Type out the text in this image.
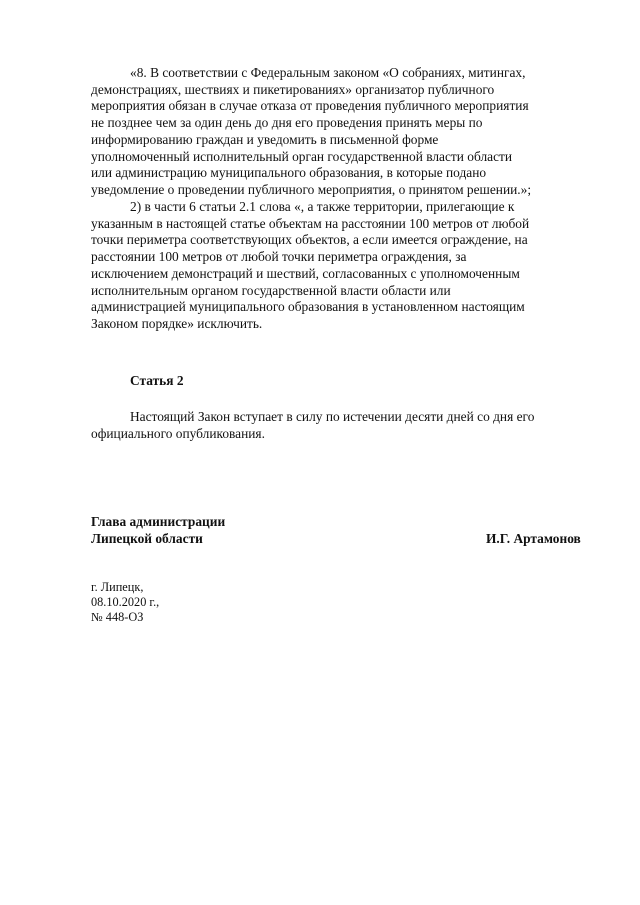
«8. В соответствии с Федеральным законом «О собраниях, митингах,
демонстрациях, шествиях и пикетированиях» организатор публичного
мероприятия обязан в случае отказа от проведения публичного мероприятия
не позднее чем за один день до дня его проведения принять меры по
информированию граждан и уведомить в письменной форме
уполномоченный исполнительный орган государственной власти области
или администрацию муниципального образования, в которые подано
уведомление о проведении публичного мероприятия, о принятом решении.»;

2) в части 6 статьи 2.1 слова «, а также территории, прилегающие к
указанным в настоящей статье объектам на расстоянии 100 метров от любой
точки периметра соответствующих объектов, а если имеется ограждение, на
расстоянии 100 метров от любой точки периметра ограждения, за
исключением демонстраций и шествий, согласованных с уполномоченным
исполнительным органом государственной власти области или
администрацией муниципального образования в установленном настоящим
Законом порядке» исключить.

Статья 2

Настоящий Закон вступает в силу по истечении десяти дней со дня его
официального опубликования.

Глава администрации
Липецкой области	И.Г. Артамонов
г. Липецк,
08.10.2020 г.,
№ 448-ОЗ
